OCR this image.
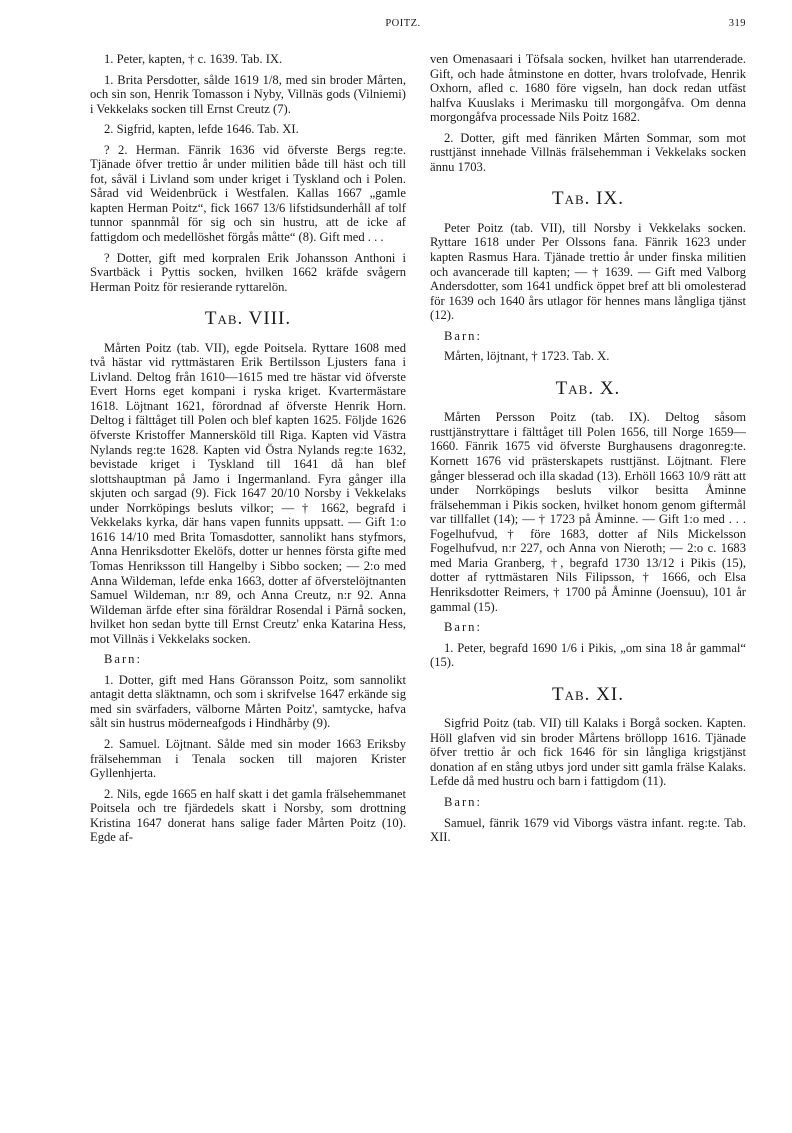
POITZ.	319

1. Peter, kapten, † c. 1639. Tab. IX.

1. Brita Persdotter, sålde 1619 1/8, med sin broder Mårten, och sin son, Henrik Tomasson i Nyby, Villnäs gods (Vilniemi) i Vekkelaks socken till Ernst Creutz (7).

2. Sigfrid, kapten, lefde 1646. Tab. XI.

? 2. Herman. Fänrik 1636 vid öfverste Bergs reg:te. Tjänade öfver trettio år under militien både till häst och till fot, såväl i Livland som under kriget i Tyskland och i Polen. Sårad vid Weidenbrück i Westfalen. Kallas 1667 „gamle kapten Herman Poitz“, fick 1667 13/6 lifstidsunderhåll af tolf tunnor spannmål för sig och sin hustru, att de icke af fattigdom och medellöshet förgås måtte“ (8). Gift med . . .

? Dotter, gift med korpralen Erik Johansson Anthoni i Svartbäck i Pyttis socken, hvilken 1662 kräfde svågern Herman Poitz för resierande ryttarelön.

Tab. VIII.

Mårten Poitz (tab. VII), egde Poitsela. Ryttare 1608 med två hästar vid ryttmästaren Erik Bertilsson Ljusters fana i Livland. Deltog från 1610—1615 med tre hästar vid öfverste Evert Horns eget kompani i ryska kriget. Kvartermästare 1618. Löjtnant 1621, förordnad af öfverste Henrik Horn. Deltog i fälttåget till Polen och blef kapten 1625. Följde 1626 öfverste Kristoffer Mannersköld till Riga. Kapten vid Västra Nylands reg:te 1628. Kapten vid Östra Nylands reg:te 1632, bevistade kriget i Tyskland till 1641 då han blef slottshauptman på Jamo i Ingermanland. Fyra gånger illa skjuten och sargad (9). Fick 1647 20/10 Norsby i Vekkelaks under Norrköpings besluts vilkor; — † 1662, begrafd i Vekkelaks kyrka, där hans vapen funnits uppsatt. — Gift 1:o 1616 14/10 med Brita Tomasdotter, sannolikt hans styfmors, Anna Henriksdotter Ekelöfs, dotter ur hennes första gifte med Tomas Henriksson till Hangelby i Sibbo socken; — 2:o med Anna Wildeman, lefde enka 1663, dotter af öfverstelöjtnanten Samuel Wildeman, n:r 89, och Anna Creutz, n:r 92. Anna Wildeman ärfde efter sina föräldrar Rosendal i Pärnå socken, hvilket hon sedan bytte till Ernst Creutz' enka Katarina Hess, mot Villnäs i Vekkelaks socken.

Barn:

1. Dotter, gift med Hans Göransson Poitz, som sannolikt antagit detta släktnamn, och som i skrifvelse 1647 erkände sig med sin svärfaders, välborne Mårten Poitz', samtycke, hafva sålt sin hustrus möderneafgods i Hindhårby (9).

2. Samuel. Löjtnant. Sålde med sin moder 1663 Eriksby frälsehemman i Tenala socken till majoren Krister Gyllenhjerta.

2. Nils, egde 1665 en half skatt i det gamla frälsehemmanet Poitsela och tre fjärdedels skatt i Norsby, som drottning Kristina 1647 donerat hans salige fader Mårten Poitz (10). Egde af-

ven Omenasaari i Töfsala socken, hvilket han utarrenderade. Gift, och hade åtminstone en dotter, hvars trolofvade, Henrik Oxhorn, afled c. 1680 före vigseln, han dock redan utfäst halfva Kuuslaks i Merimasku till morgongåfva. Om denna morgongåfva processade Nils Poitz 1682.

2. Dotter, gift med fänriken Mårten Sommar, som mot rusttjänst innehade Villnäs frälsehemman i Vekkelaks socken ännu 1703.

Tab. IX.

Peter Poitz (tab. VII), till Norsby i Vekkelaks socken. Ryttare 1618 under Per Olssons fana. Fänrik 1623 under kapten Rasmus Hara. Tjänade trettio år under finska militien och avancerade till kapten; — † 1639. — Gift med Valborg Andersdotter, som 1641 undfick öppet bref att bli omolesterad för 1639 och 1640 års utlagor för hennes mans långliga tjänst (12).

Barn:

Mårten, löjtnant, † 1723. Tab. X.

Tab. X.

Mårten Persson Poitz (tab. IX). Deltog såsom rusttjänstryttare i fälttåget till Polen 1656, till Norge 1659—1660. Fänrik 1675 vid öfverste Burghausens dragonreg:te. Kornett 1676 vid prästerskapets rusttjänst. Löjtnant. Flere gånger blesserad och illa skadad (13). Erhöll 1663 10/9 rätt att under Norrköpings besluts vilkor besitta Åminne frälsehemman i Pikis socken, hvilket honom genom giftermål var tillfallet (14); — † 1723 på Åminne. — Gift 1:o med . . . Fogelhufvud, † före 1683, dotter af Nils Mickelsson Fogelhufvud, n:r 227, och Anna von Nieroth; — 2:o c. 1683 med Maria Granberg, †, begrafd 1730 13/12 i Pikis (15), dotter af ryttmästaren Nils Filipsson, † 1666, och Elsa Henriksdotter Reimers, † 1700 på Åminne (Joensuu), 101 år gammal (15).

Barn:

1. Peter, begrafd 1690 1/6 i Pikis, „om sina 18 år gammal“ (15).

Tab. XI.

Sigfrid Poitz (tab. VII) till Kalaks i Borgå socken. Kapten. Höll glafven vid sin broder Mårtens bröllopp 1616. Tjänade öfver trettio år och fick 1646 för sin långliga krigstjänst donation af en stång utbys jord under sitt gamla frälse Kalaks. Lefde då med hustru och barn i fattigdom (11).

Barn:

Samuel, fänrik 1679 vid Viborgs västra infant. reg:te. Tab. XII.
